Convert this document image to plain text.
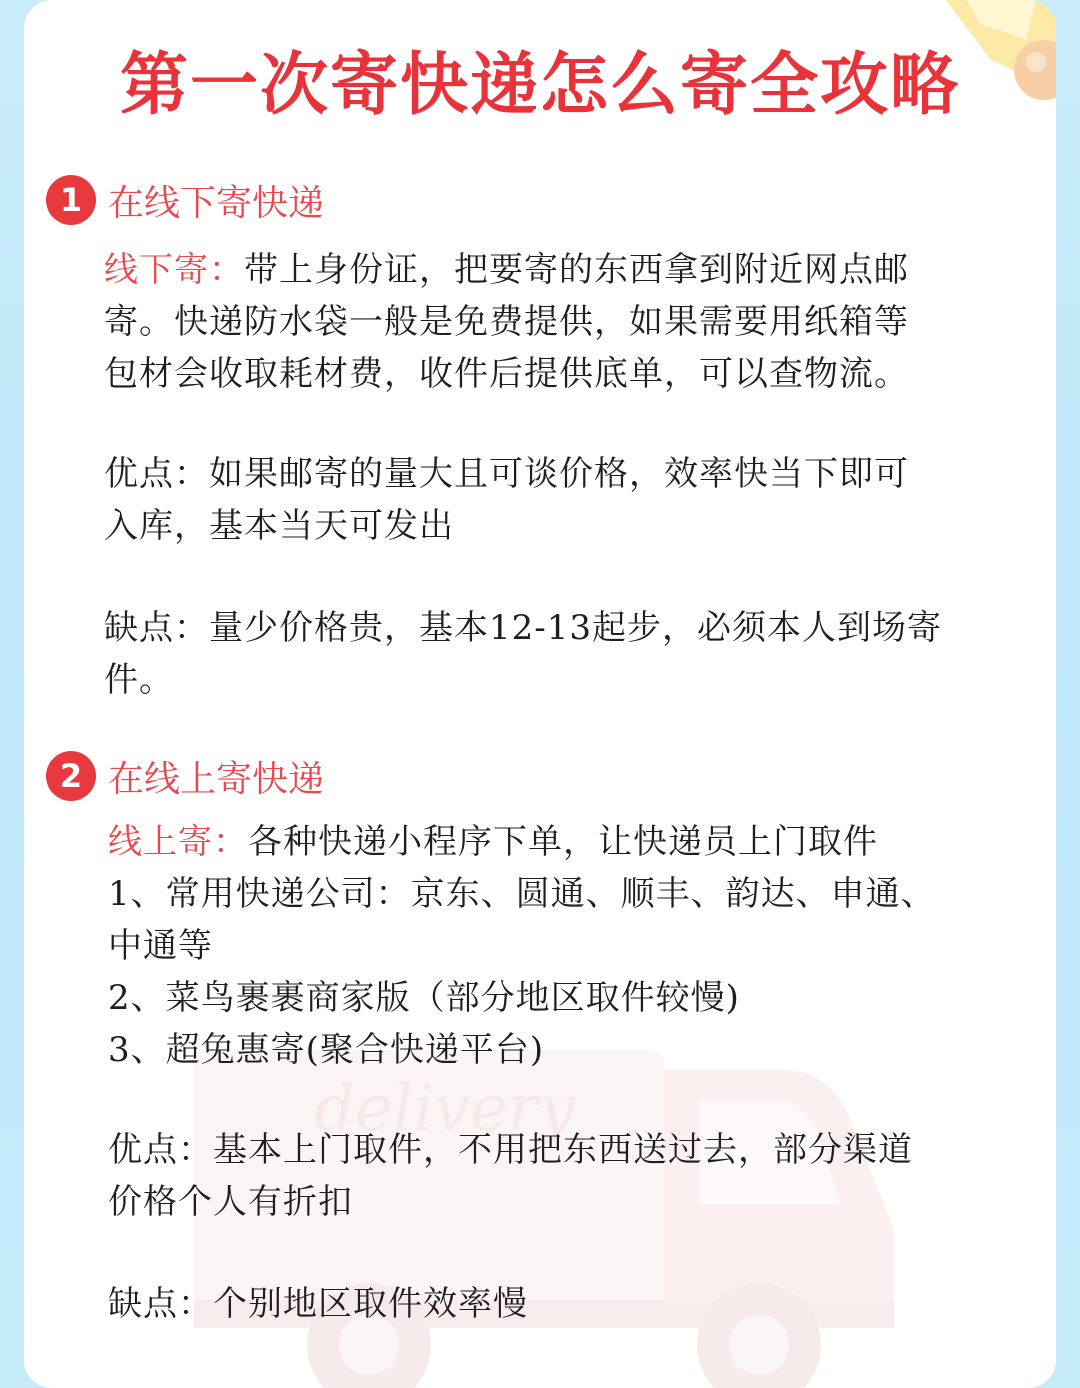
delivery
第一次寄快递怎么寄全攻略
1 在线下寄快递
线下寄：带上身份证，把要寄的东西拿到附近网点邮
寄。快递防水袋一般是免费提供，如果需要用纸箱等
包材会收取耗材费，收件后提供底单，可以查物流。
优点：如果邮寄的量大且可谈价格，效率快当下即可
入库，基本当天可发出
缺点：量少价格贵，基本12-13起步，必须本人到场寄
件。
2 在线上寄快递
线上寄：各种快递小程序下单，让快递员上门取件
1、常用快递公司：京东、圆通、顺丰、韵达、申通、
中通等
2、菜鸟裹裹商家版（部分地区取件较慢)
3、超兔惠寄(聚合快递平台)
优点：基本上门取件，不用把东西送过去，部分渠道
价格个人有折扣
缺点：个别地区取件效率慢
